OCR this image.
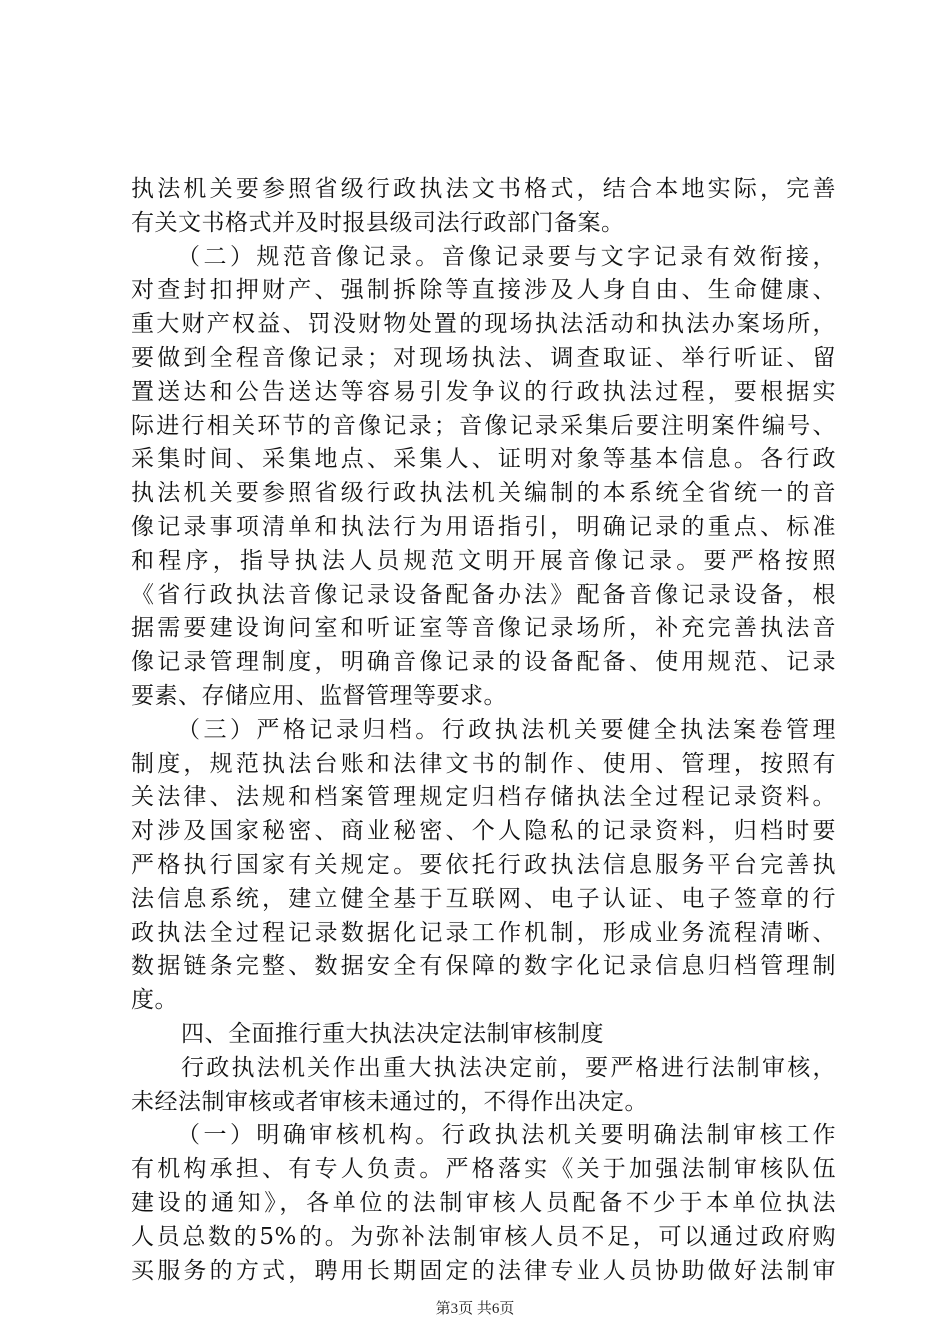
执法机关要参照省级行政执法文书格式，结合本地实际，完善
有关文书格式并及时报县级司法行政部门备案。
（二）规范音像记录。音像记录要与文字记录有效衔接，
对查封扣押财产、强制拆除等直接涉及人身自由、生命健康、
重大财产权益、罚没财物处置的现场执法活动和执法办案场所，
要做到全程音像记录；对现场执法、调查取证、举行听证、留
置送达和公告送达等容易引发争议的行政执法过程，要根据实
际进行相关环节的音像记录；音像记录采集后要注明案件编号、
采集时间、采集地点、采集人、证明对象等基本信息。各行政
执法机关要参照省级行政执法机关编制的本系统全省统一的音
像记录事项清单和执法行为用语指引，明确记录的重点、标准
和程序，指导执法人员规范文明开展音像记录。要严格按照
《省行政执法音像记录设备配备办法》配备音像记录设备，根
据需要建设询问室和听证室等音像记录场所，补充完善执法音
像记录管理制度，明确音像记录的设备配备、使用规范、记录
要素、存储应用、监督管理等要求。
（三）严格记录归档。行政执法机关要健全执法案卷管理
制度，规范执法台账和法律文书的制作、使用、管理，按照有
关法律、法规和档案管理规定归档存储执法全过程记录资料。
对涉及国家秘密、商业秘密、个人隐私的记录资料，归档时要
严格执行国家有关规定。要依托行政执法信息服务平台完善执
法信息系统，建立健全基于互联网、电子认证、电子签章的行
政执法全过程记录数据化记录工作机制，形成业务流程清晰、
数据链条完整、数据安全有保障的数字化记录信息归档管理制
度。
四、全面推行重大执法决定法制审核制度
行政执法机关作出重大执法决定前，要严格进行法制审核，
未经法制审核或者审核未通过的，不得作出决定。
（一）明确审核机构。行政执法机关要明确法制审核工作
有机构承担、有专人负责。严格落实《关于加强法制审核队伍
建设的通知》，各单位的法制审核人员配备不少于本单位执法
人员总数的5%的。为弥补法制审核人员不足，可以通过政府购
买服务的方式，聘用长期固定的法律专业人员协助做好法制审
第3页 共6页
